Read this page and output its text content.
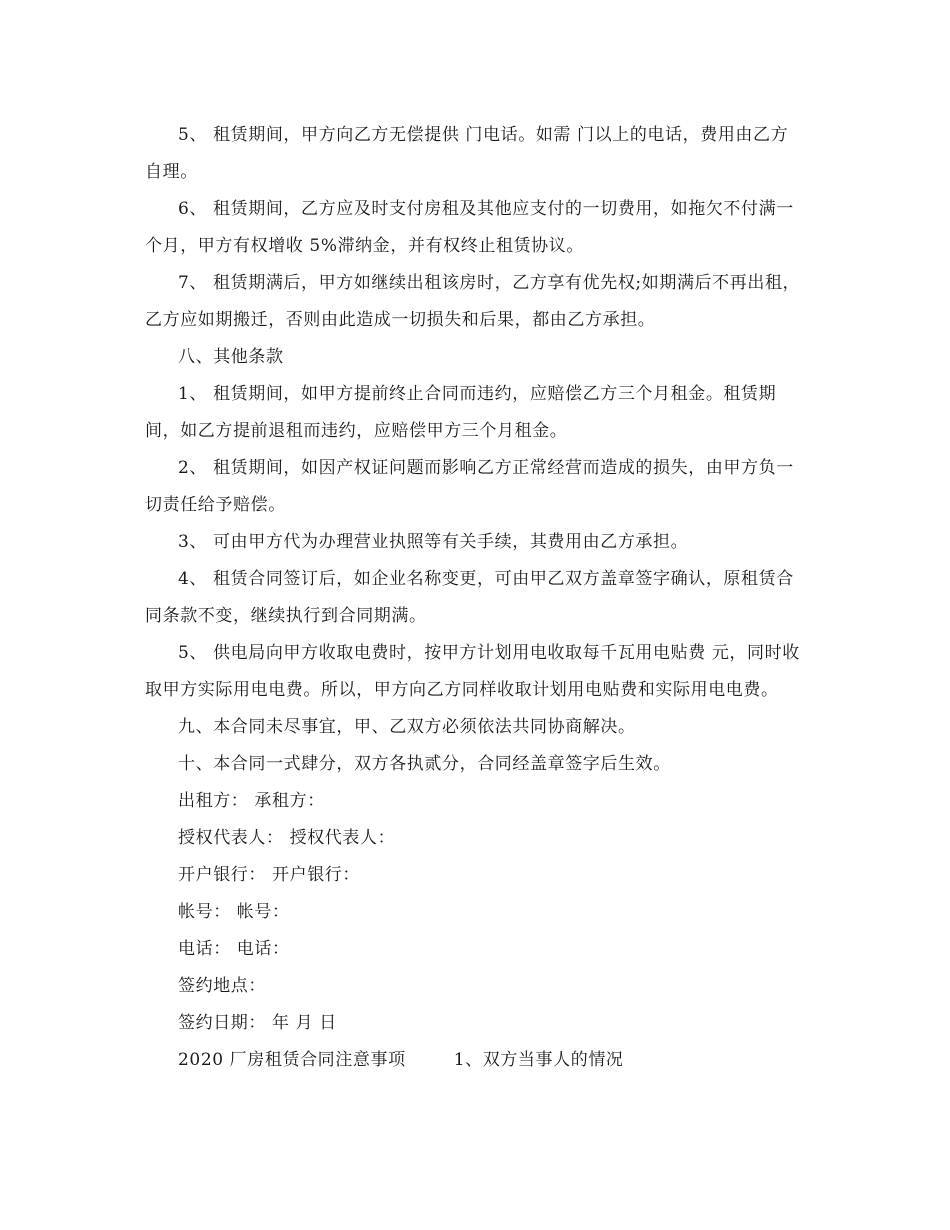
5、 租赁期间，甲方向乙方无偿提供 门电话。如需 门以上的电话，费用由乙方自理。

6、 租赁期间，乙方应及时支付房租及其他应支付的一切费用，如拖欠不付满一个月，甲方有权增收 5%滞纳金，并有权终止租赁协议。

7、 租赁期满后，甲方如继续出租该房时，乙方享有优先权;如期满后不再出租，乙方应如期搬迁，否则由此造成一切损失和后果，都由乙方承担。

八、其他条款

1、 租赁期间，如甲方提前终止合同而违约，应赔偿乙方三个月租金。租赁期间，如乙方提前退租而违约，应赔偿甲方三个月租金。

2、 租赁期间，如因产权证问题而影响乙方正常经营而造成的损失，由甲方负一切责任给予赔偿。

3、 可由甲方代为办理营业执照等有关手续，其费用由乙方承担。

4、 租赁合同签订后，如企业名称变更，可由甲乙双方盖章签字确认，原租赁合同条款不变，继续执行到合同期满。

5、 供电局向甲方收取电费时，按甲方计划用电收取每千瓦用电贴费 元，同时收取甲方实际用电电费。所以，甲方向乙方同样收取计划用电贴费和实际用电电费。

九、本合同未尽事宜，甲、乙双方必须依法共同协商解决。

十、本合同一式肆分，双方各执贰分，合同经盖章签字后生效。

出租方： 承租方：

授权代表人： 授权代表人：

开户银行： 开户银行：

帐号： 帐号：

电话： 电话：

签约地点：

签约日期： 年 月 日

2020 厂房租赁合同注意事项        1、双方当事人的情况
